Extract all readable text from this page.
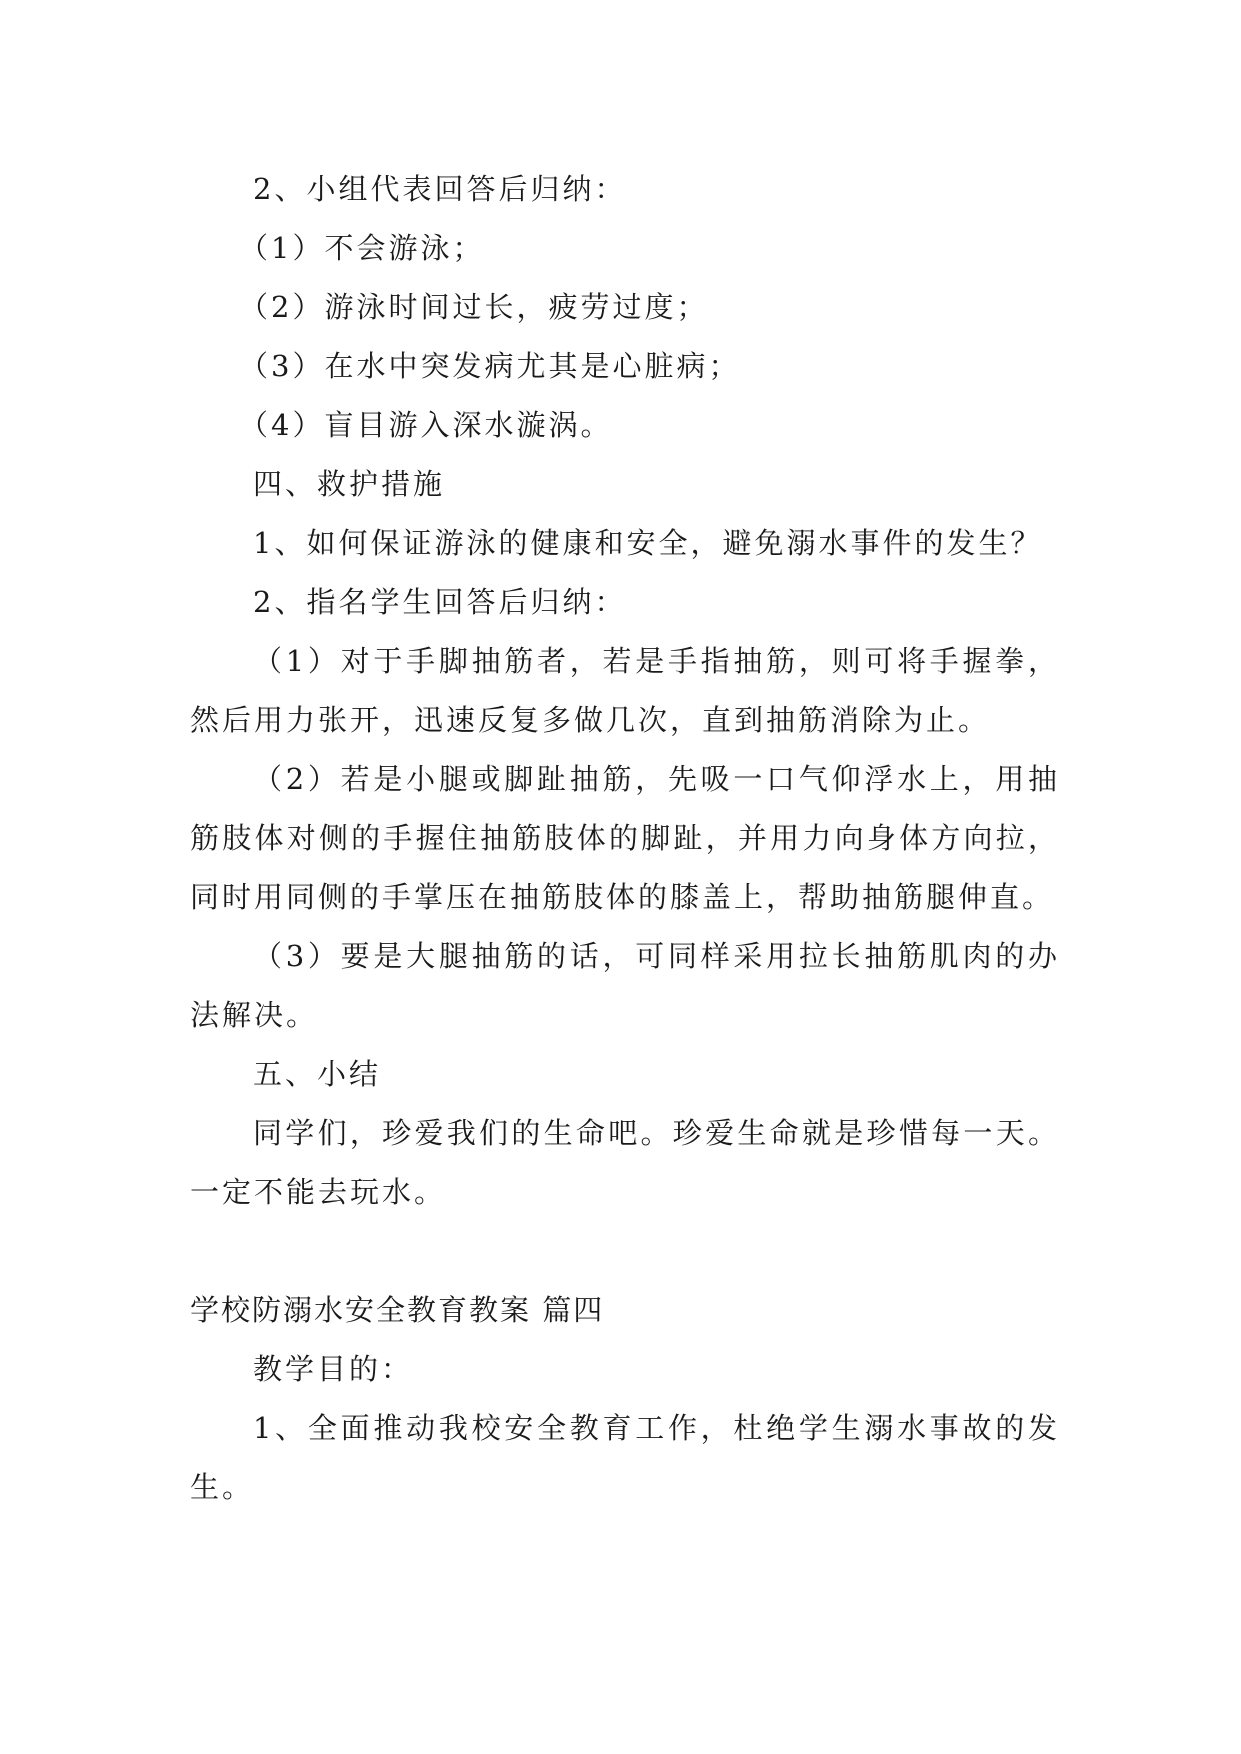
2、小组代表回答后归纳：

（1）不会游泳；

（2）游泳时间过长，疲劳过度；

（3）在水中突发病尤其是心脏病；

（4）盲目游入深水漩涡。

四、救护措施

1、如何保证游泳的健康和安全，避免溺水事件的发生？

2、指名学生回答后归纳：

（1）对于手脚抽筋者，若是手指抽筋，则可将手握拳，然后用力张开，迅速反复多做几次，直到抽筋消除为止。

（2）若是小腿或脚趾抽筋，先吸一口气仰浮水上，用抽筋肢体对侧的手握住抽筋肢体的脚趾，并用力向身体方向拉，同时用同侧的手掌压在抽筋肢体的膝盖上，帮助抽筋腿伸直。

（3）要是大腿抽筋的话，可同样采用拉长抽筋肌肉的办法解决。

五、小结

同学们，珍爱我们的生命吧。珍爱生命就是珍惜每一天。一定不能去玩水。

学校防溺水安全教育教案 篇四

教学目的：

1、全面推动我校安全教育工作，杜绝学生溺水事故的发生。
